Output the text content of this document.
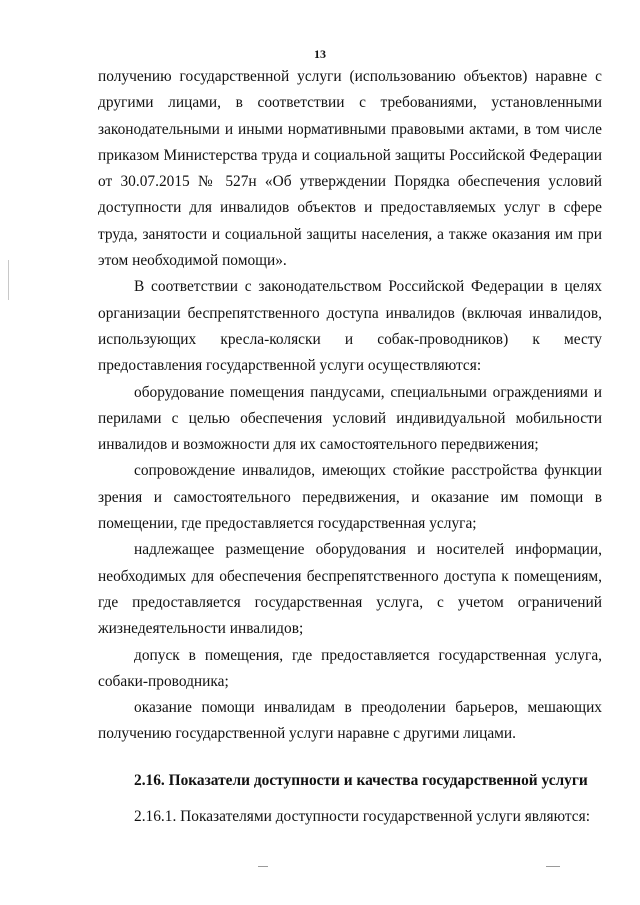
13

получению государственной услуги (использованию объектов) наравне с другими лицами, в соответствии с требованиями, установленными законодательными и иными нормативными правовыми актами, в том числе приказом Министерства труда и социальной защиты Российской Федерации от 30.07.2015 № 527н «Об утверждении Порядка обеспечения условий доступности для инвалидов объектов и предоставляемых услуг в сфере труда, занятости и социальной защиты населения, а также оказания им при этом необходимой помощи».

В соответствии с законодательством Российской Федерации в целях организации беспрепятственного доступа инвалидов (включая инвалидов, использующих кресла-коляски и собак-проводников) к месту предоставления государственной услуги осуществляются:

оборудование помещения пандусами, специальными ограждениями и перилами с целью обеспечения условий индивидуальной мобильности инвалидов и возможности для их самостоятельного передвижения;

сопровождение инвалидов, имеющих стойкие расстройства функции зрения и самостоятельного передвижения, и оказание им помощи в помещении, где предоставляется государственная услуга;

надлежащее размещение оборудования и носителей информации, необходимых для обеспечения беспрепятственного доступа к помещениям, где предоставляется государственная услуга, с учетом ограничений жизнедеятельности инвалидов;

допуск в помещения, где предоставляется государственная услуга, собаки-проводника;

оказание помощи инвалидам в преодолении барьеров, мешающих получению государственной услуги наравне с другими лицами.

2.16. Показатели доступности и качества государственной услуги

2.16.1. Показателями доступности государственной услуги являются:
